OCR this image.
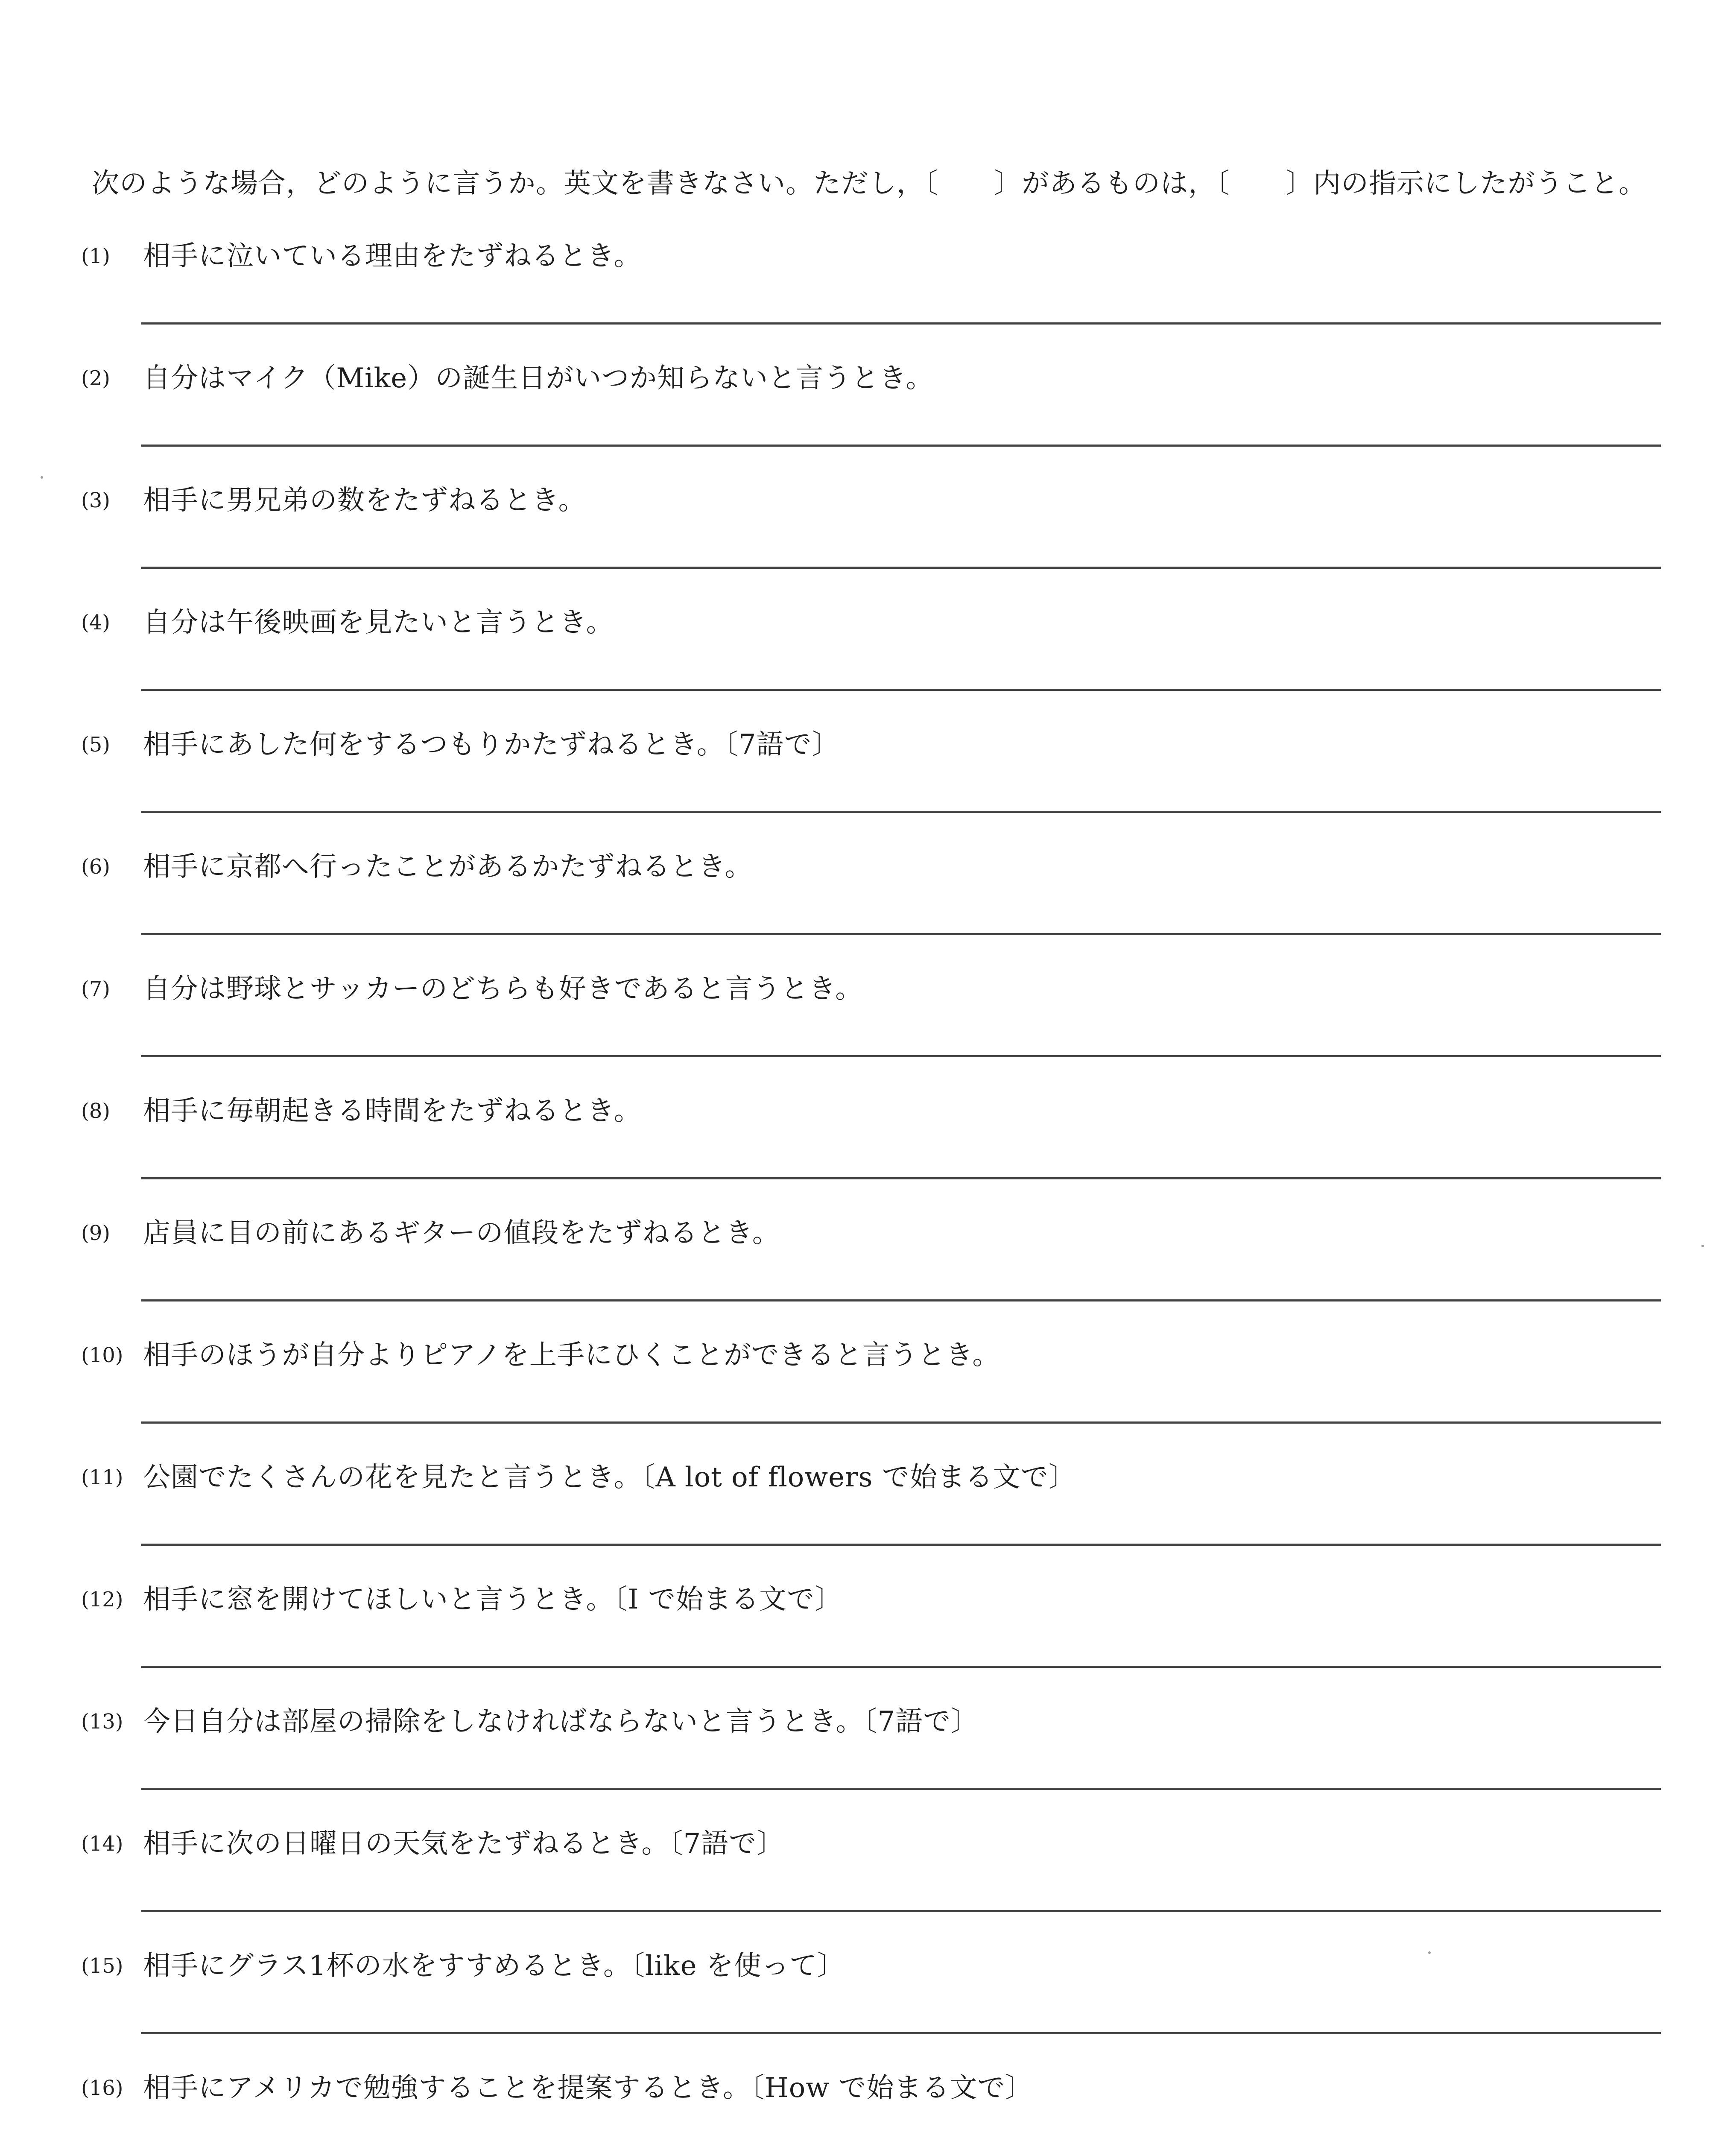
次のような場合，どのように言うか。英文を書きなさい。ただし，〔　　〕があるものは，〔　　〕内の指示にしたがうこと。
(1)	相手に泣いている理由をたずねるとき。
(2)	自分はマイク（Mike）の誕生日がいつか知らないと言うとき。
(3)	相手に男兄弟の数をたずねるとき。
(4)	自分は午後映画を見たいと言うとき。
(5)	相手にあした何をするつもりかたずねるとき。〔7語で〕
(6)	相手に京都へ行ったことがあるかたずねるとき。
(7)	自分は野球とサッカーのどちらも好きであると言うとき。
(8)	相手に毎朝起きる時間をたずねるとき。
(9)	店員に目の前にあるギターの値段をたずねるとき。
(10) 相手のほうが自分よりピアノを上手にひくことができると言うとき。
(11) 公園でたくさんの花を見たと言うとき。〔A lot of flowers で始まる文で〕
(12) 相手に窓を開けてほしいと言うとき。〔I で始まる文で〕
(13) 今日自分は部屋の掃除をしなければならないと言うとき。〔7語で〕
(14) 相手に次の日曜日の天気をたずねるとき。〔7語で〕
(15) 相手にグラス1杯の水をすすめるとき。〔like を使って〕
(16) 相手にアメリカで勉強することを提案するとき。〔How で始まる文で〕
